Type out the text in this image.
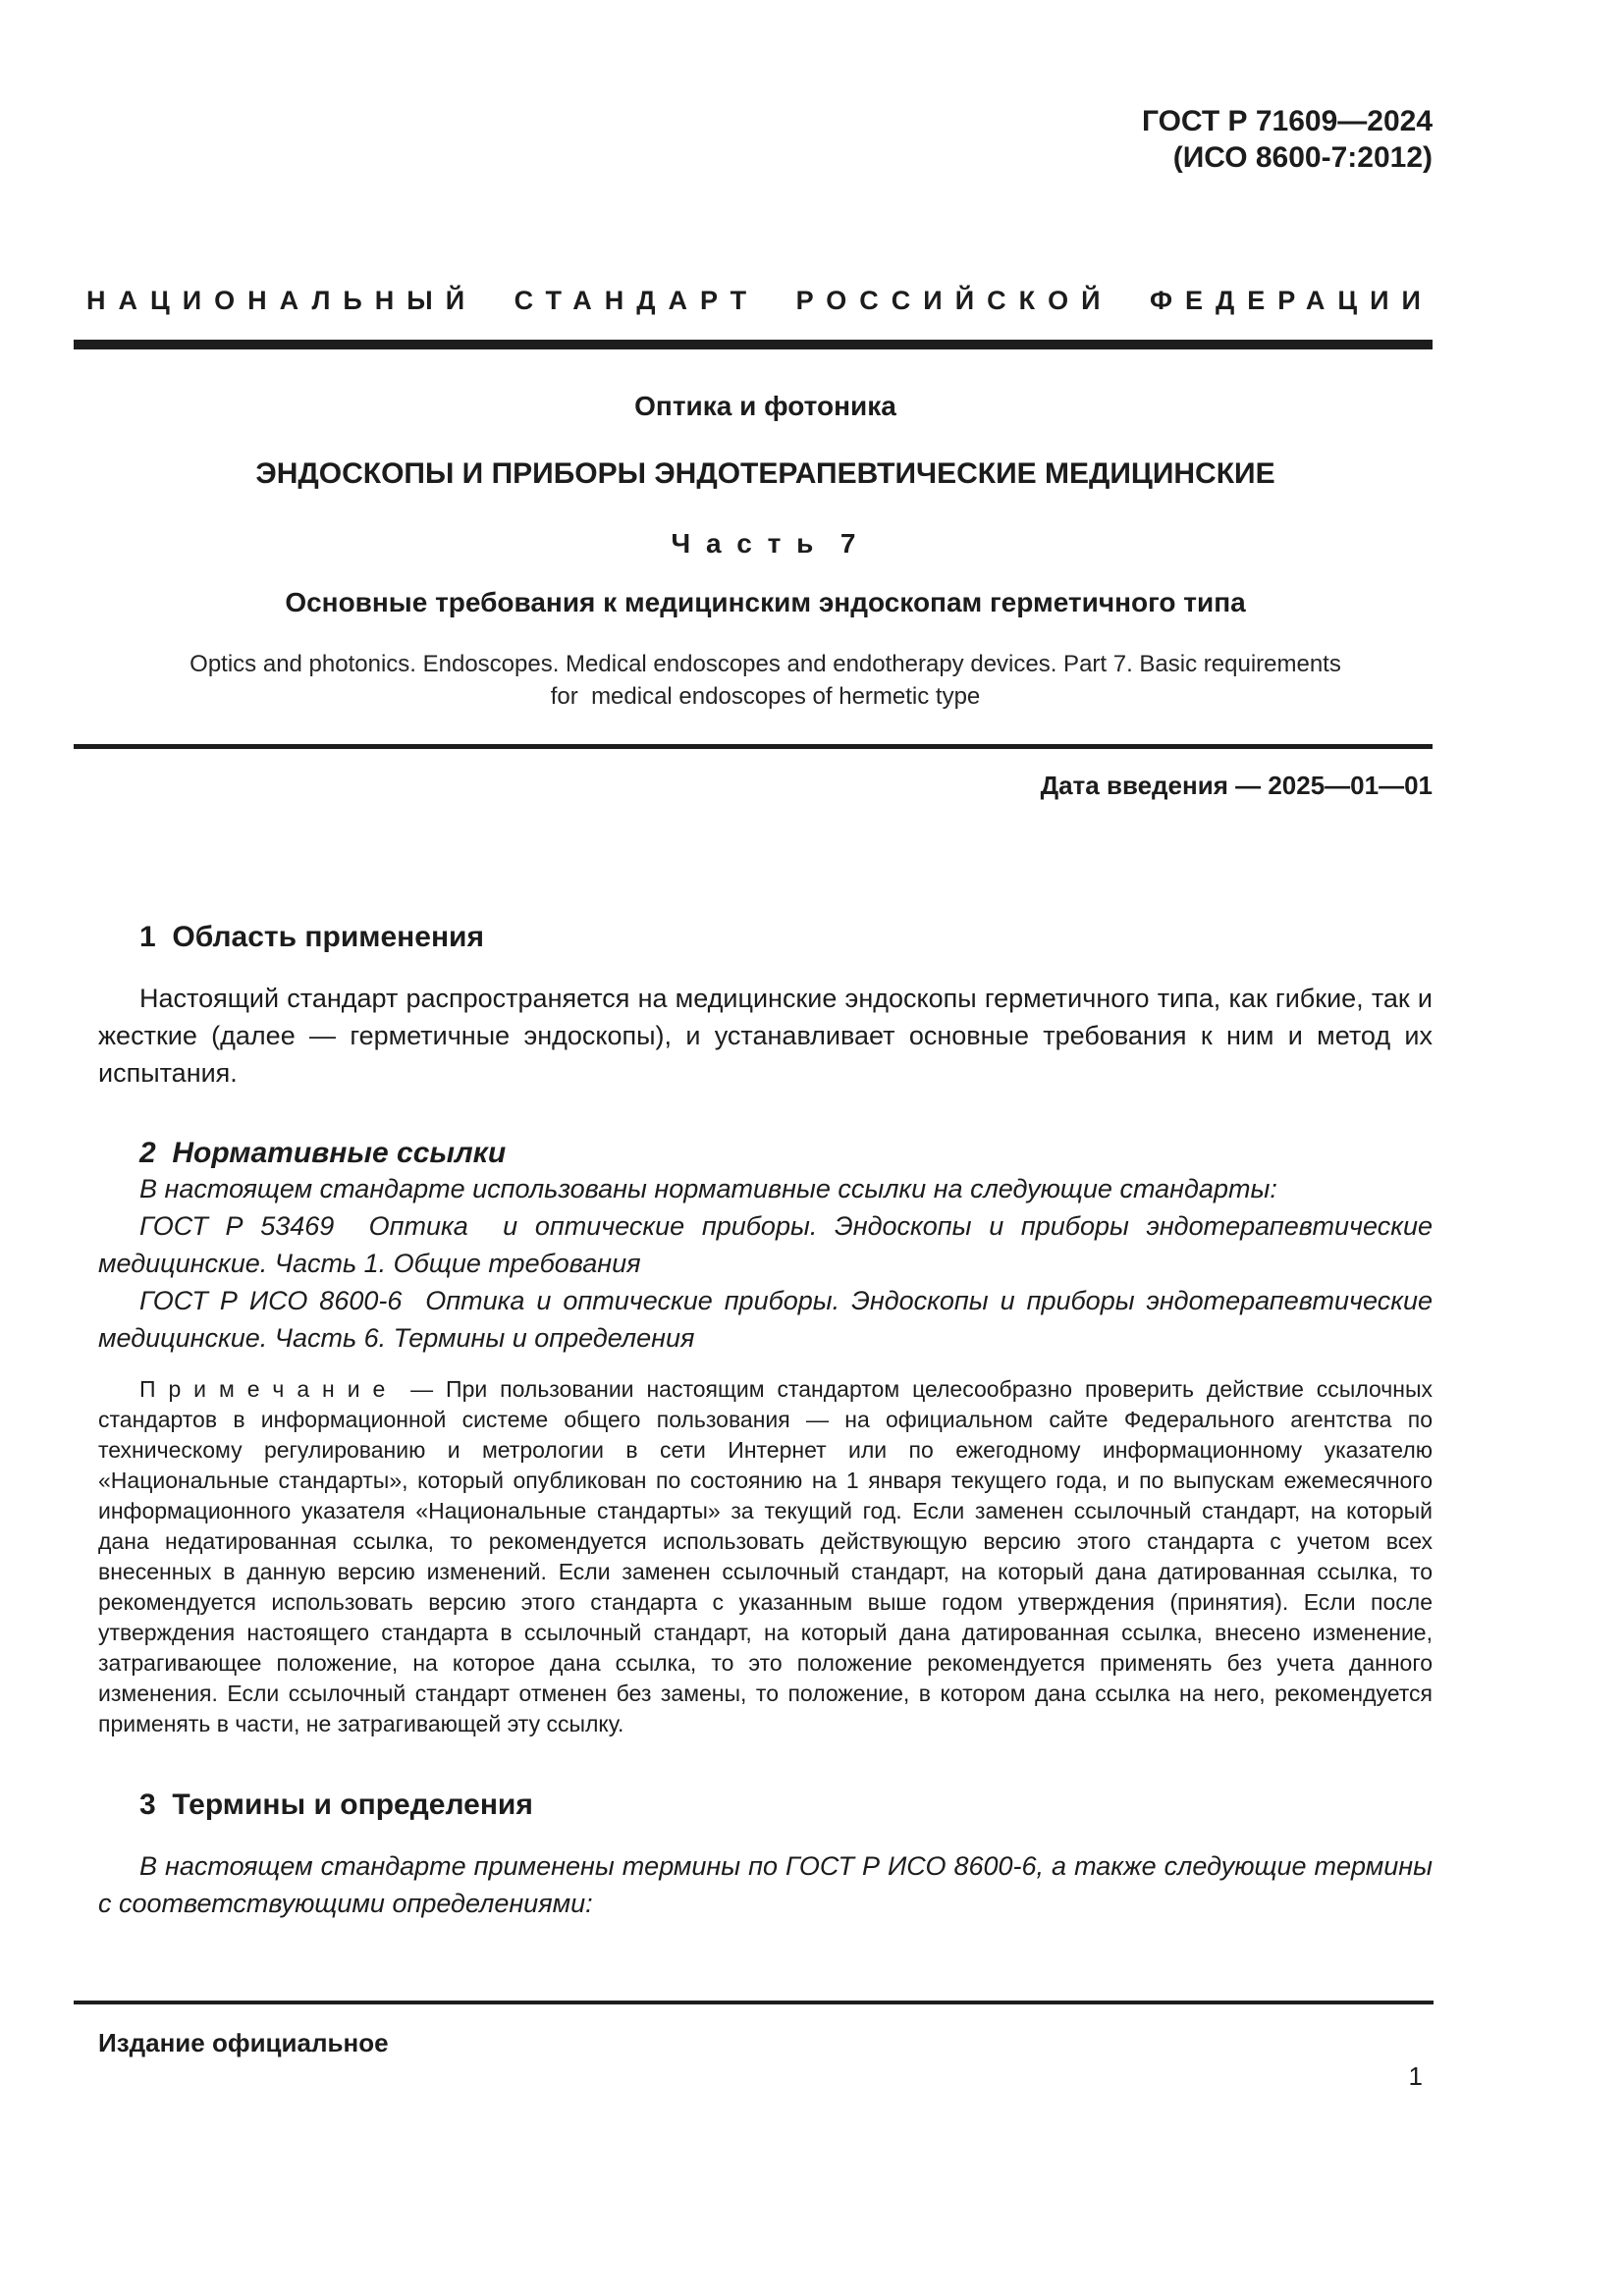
ГОСТ Р 71609—2024
(ИСО 8600-7:2012)
НАЦИОНАЛЬНЫЙ СТАНДАРТ РОССИЙСКОЙ ФЕДЕРАЦИИ
Оптика и фотоника
ЭНДОСКОПЫ И ПРИБОРЫ ЭНДОТЕРАПЕВТИЧЕСКИЕ МЕДИЦИНСКИЕ
Ч а с т ь  7
Основные требования к медицинским эндоскопам герметичного типа
Optics and photonics. Endoscopes. Medical endoscopes and endotherapy devices. Part 7. Basic requirements
for  medical endoscopes of hermetic type
Дата введения — 2025—01—01
1  Область применения

Настоящий стандарт распространяется на медицинские эндоскопы герметичного типа, как гибкие, так и жесткие (далее — герметичные эндоскопы), и устанавливает основные требования к ним и метод их испытания.

2  Нормативные ссылки

В настоящем стандарте использованы нормативные ссылки на следующие стандарты:

ГОСТ Р 53469  Оптика  и оптические приборы. Эндоскопы и приборы эндотерапевтические медицинские. Часть 1. Общие требования

ГОСТ Р ИСО 8600-6  Оптика и оптические приборы. Эндоскопы и приборы эндотерапевтические медицинские. Часть 6. Термины и определения

П р и м е ч а н и е  — При пользовании настоящим стандартом целесообразно проверить действие ссылочных стандартов в информационной системе общего пользования — на официальном сайте Федерального агентства по техническому регулированию и метрологии в сети Интернет или по ежегодному информационному указателю «Национальные стандарты», который опубликован по состоянию на 1 января текущего года, и по выпускам ежемесячного информационного указателя «Национальные стандарты» за текущий год. Если заменен ссылочный стандарт, на который дана недатированная ссылка, то рекомендуется использовать действующую версию этого стандарта с учетом всех внесенных в данную версию изменений. Если заменен ссылочный стандарт, на который дана датированная ссылка, то рекомендуется использовать версию этого стандарта с указанным выше годом утверждения (принятия). Если после утверждения настоящего стандарта в ссылочный стандарт, на который дана датированная ссылка, внесено изменение, затрагивающее положение, на которое дана ссылка, то это положение рекомендуется применять без учета данного изменения. Если ссылочный стандарт отменен без замены, то положение, в котором дана ссылка на него, рекомендуется применять в части, не затрагивающей эту ссылку.

3  Термины и определения

В настоящем стандарте применены термины по ГОСТ Р ИСО 8600-6, а также следующие термины с соответствующими определениями:

Издание официальное
1
